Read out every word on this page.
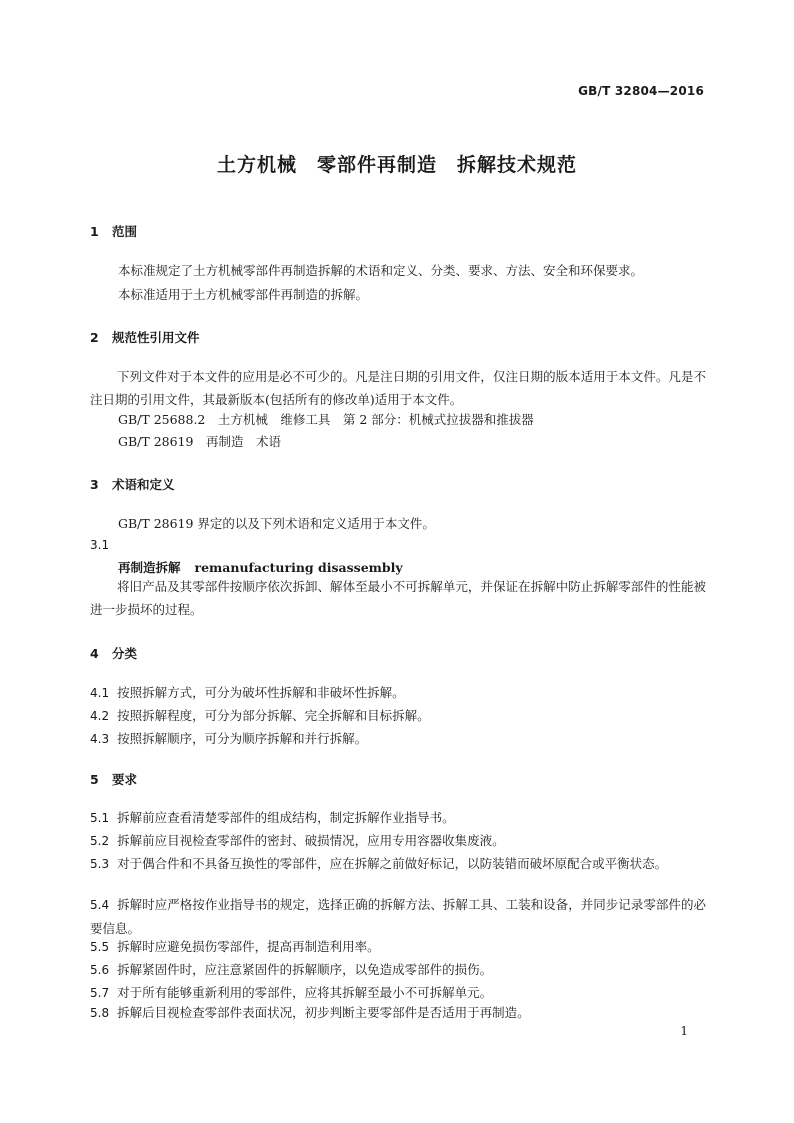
GB/T 32804—2016
土方机械 零部件再制造 拆解技术规范
1 范围
本标准规定了土方机械零部件再制造拆解的术语和定义、分类、要求、方法、安全和环保要求。
本标准适用于土方机械零部件再制造的拆解。
2 规范性引用文件
下列文件对于本文件的应用是必不可少的。凡是注日期的引用文件，仅注日期的版本适用于本文件。凡是不注日期的引用文件，其最新版本(包括所有的修改单)适用于本文件。
GB/T 25688.2　土方机械　维修工具　第 2 部分：机械式拉拔器和推拔器
GB/T 28619　再制造　术语
3 术语和定义
GB/T 28619 界定的以及下列术语和定义适用于本文件。
3.1
再制造拆解 remanufacturing disassembly
将旧产品及其零部件按顺序依次拆卸、解体至最小不可拆解单元，并保证在拆解中防止拆解零部件的性能被进一步损坏的过程。
4 分类
4.1 按照拆解方式，可分为破坏性拆解和非破坏性拆解。
4.2 按照拆解程度，可分为部分拆解、完全拆解和目标拆解。
4.3 按照拆解顺序，可分为顺序拆解和并行拆解。
5 要求
5.1 拆解前应查看清楚零部件的组成结构，制定拆解作业指导书。
5.2 拆解前应目视检查零部件的密封、破损情况，应用专用容器收集废液。
5.3 对于偶合件和不具备互换性的零部件，应在拆解之前做好标记，以防装错而破坏原配合或平衡状态。
5.4 拆解时应严格按作业指导书的规定，选择正确的拆解方法、拆解工具、工装和设备，并同步记录零部件的必要信息。
5.5 拆解时应避免损伤零部件，提高再制造利用率。
5.6 拆解紧固件时，应注意紧固件的拆解顺序，以免造成零部件的损伤。
5.7 对于所有能够重新利用的零部件，应将其拆解至最小不可拆解单元。
5.8 拆解后目视检查零部件表面状况，初步判断主要零部件是否适用于再制造。
1
